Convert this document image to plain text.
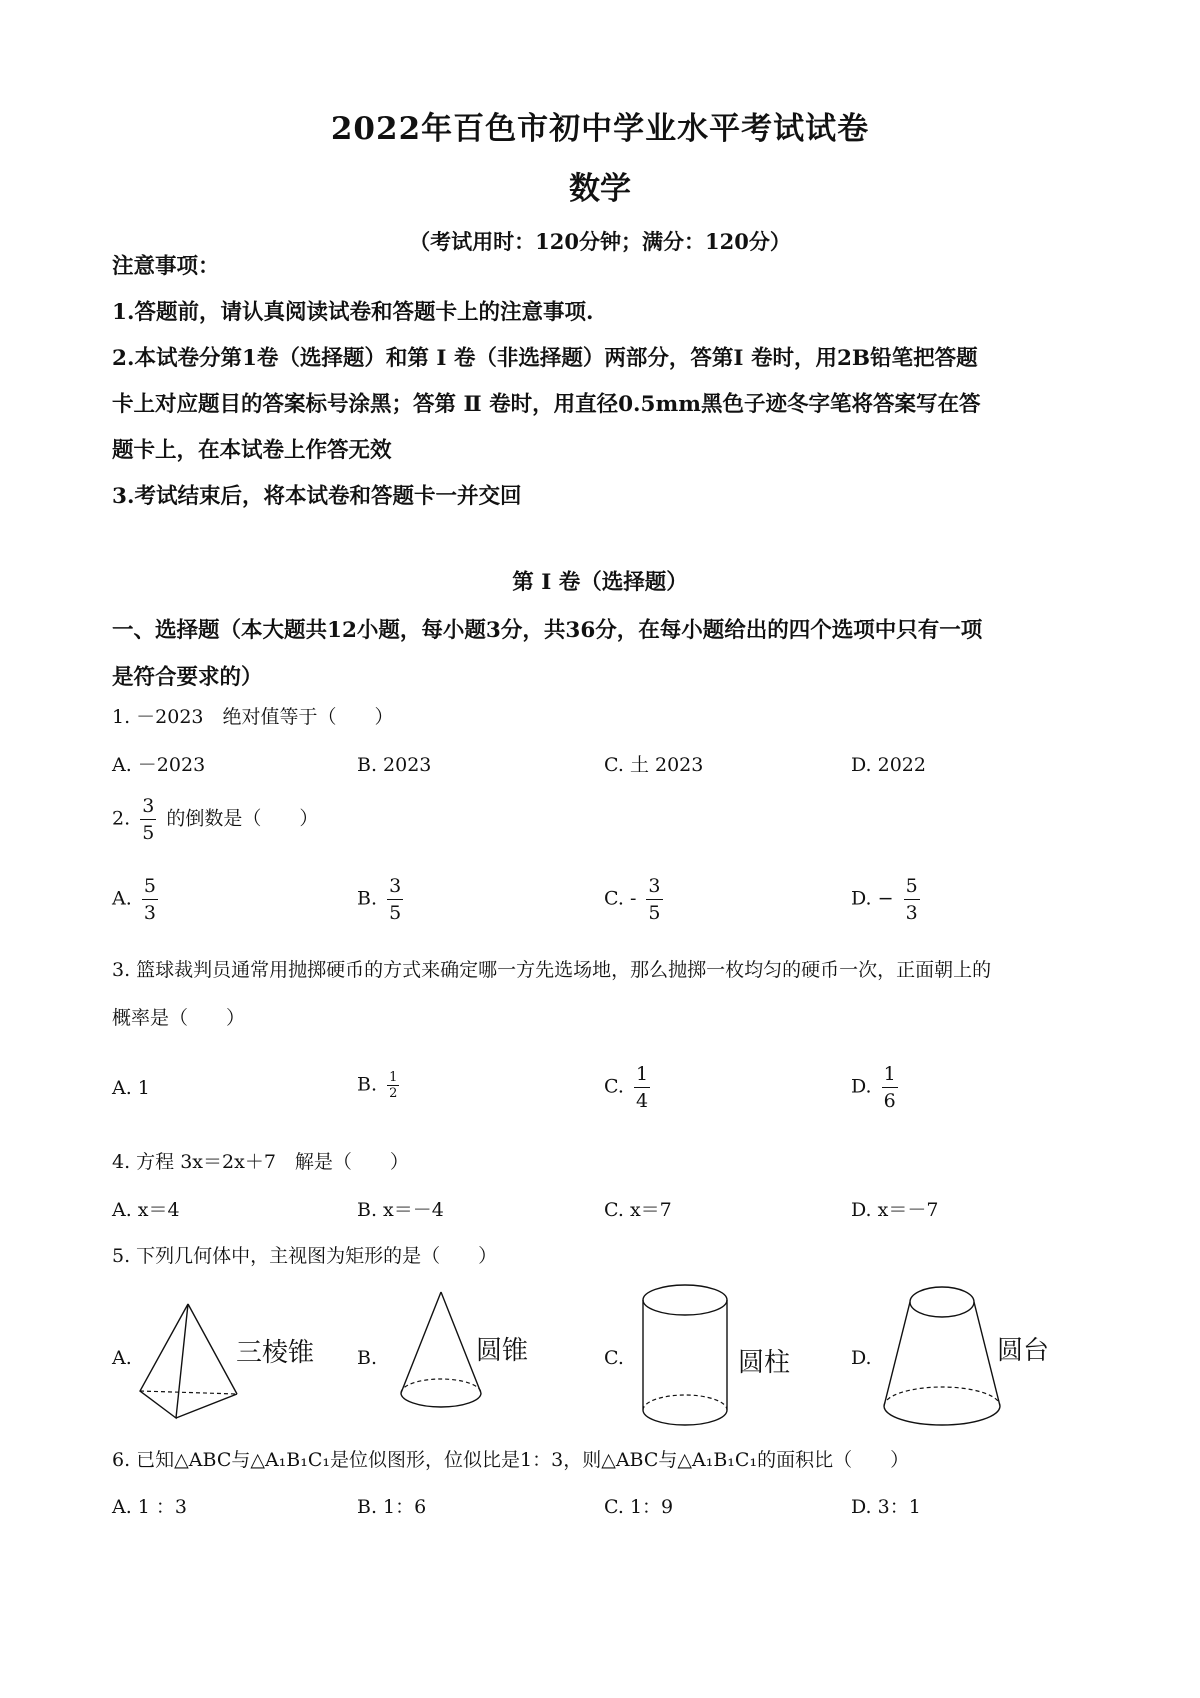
2022年百色市初中学业水平考试试卷
数学
（考试用时：120分钟；满分：120分）
注意事项：
1.答题前，请认真阅读试卷和答题卡上的注意事项.
2.本试卷分第1卷（选择题）和第 I 卷（非选择题）两部分，答第I 卷时，用2B铅笔把答题
卡上对应题目的答案标号涂黑；答第 Ⅱ 卷时，用直径0.5mm黑色子迹冬字笔将答案写在答
题卡上，在本试卷上作答无效
3.考试结束后，将本试卷和答题卡一并交回
第 I 卷（选择题）
一、选择题（本大题共12小题，每小题3分，共36分，在每小题给出的四个选项中只有一项
是符合要求的）
1. －2023　绝对值等于（　　）
A. －2023	B. 2023	C. 土 2023	D. 2022
2. $\frac{3}{5}$ 的倒数是（　　）
A. $\frac{5}{3}$	B. $\frac{3}{5}$	C. - $\frac{3}{5}$	D. − $\frac{5}{3}$
3. 篮球裁判员通常用抛掷硬币的方式来确定哪一方先选场地，那么抛掷一枚均匀的硬币一次，正面朝上的
概率是（　　）
A. 1	B. $\frac{1}{2}$	C. $\frac{1}{4}$	D. $\frac{1}{6}$
4. 方程 3x＝2x＋7　解是（　　）
A. x＝4	B. x＝－4	C. x＝7	D. x＝－7
5. 下列几何体中，主视图为矩形的是（　　）
A.	三棱锥 B.	圆锥	C.	圆柱	D.	圆台
6. 已知△ABC与△A₁B₁C₁是位似图形，位似比是1：3，则△ABC与△A₁B₁C₁的面积比（　　）
A. 1 ：3	B. 1：6	C. 1：9	D. 3：1
